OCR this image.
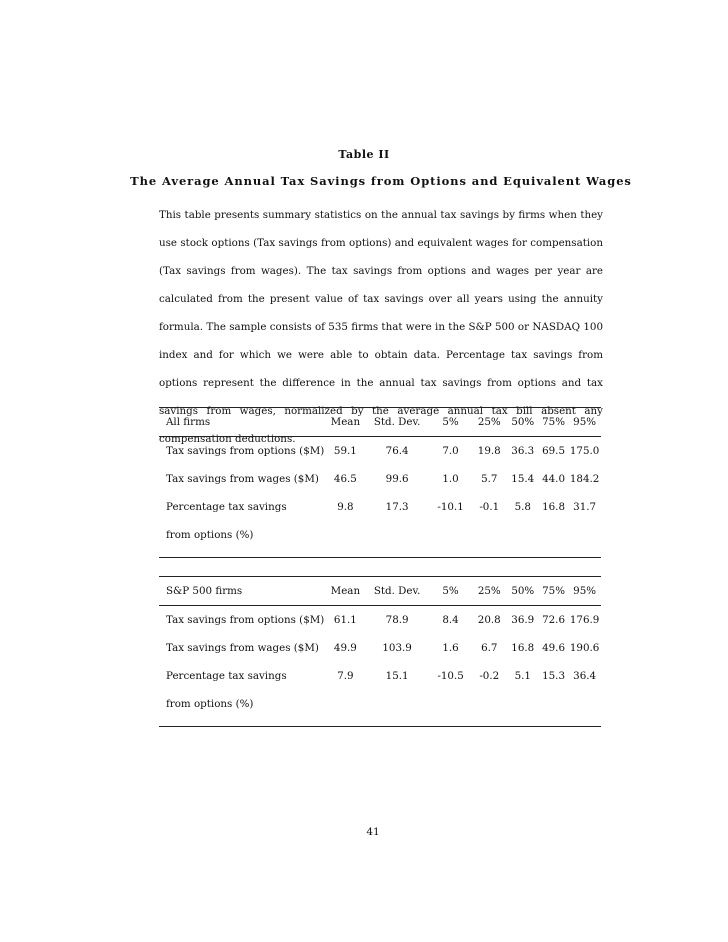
Table II
The Average Annual Tax Savings from Options and Equivalent Wages
This table presents summary statistics on the annual tax savings by firms when they use stock options (Tax savings from options) and equivalent wages for compensation (Tax savings from wages). The tax savings from options and wages per year are calculated from the present value of tax savings over all years using the annuity formula. The sample consists of 535 firms that were in the S&P 500 or NASDAQ 100 index and for which we were able to obtain data. Percentage tax savings from options represent the difference in the annual tax savings from options and tax savings from wages, normalized by the average annual tax bill absent any compensation deductions.
All firms	Mean	Std. Dev.	5%	25%	50%	75%	95%
Tax savings from options ($M)	59.1	76.4	7.0	19.8	36.3	69.5	175.0
Tax savings from wages ($M)	46.5	99.6	1.0	5.7	15.4	44.0	184.2
Percentage tax savings	9.8	17.3	-10.1	-0.1	5.8	16.8	31.7
from options (%)							

S&P 500 firms	Mean	Std. Dev.	5%	25%	50%	75%	95%
Tax savings from options ($M)	61.1	78.9	8.4	20.8	36.9	72.6	176.9
Tax savings from wages ($M)	49.9	103.9	1.6	6.7	16.8	49.6	190.6
Percentage tax savings	7.9	15.1	-10.5	-0.2	5.1	15.3	36.4
from options (%)							

41
